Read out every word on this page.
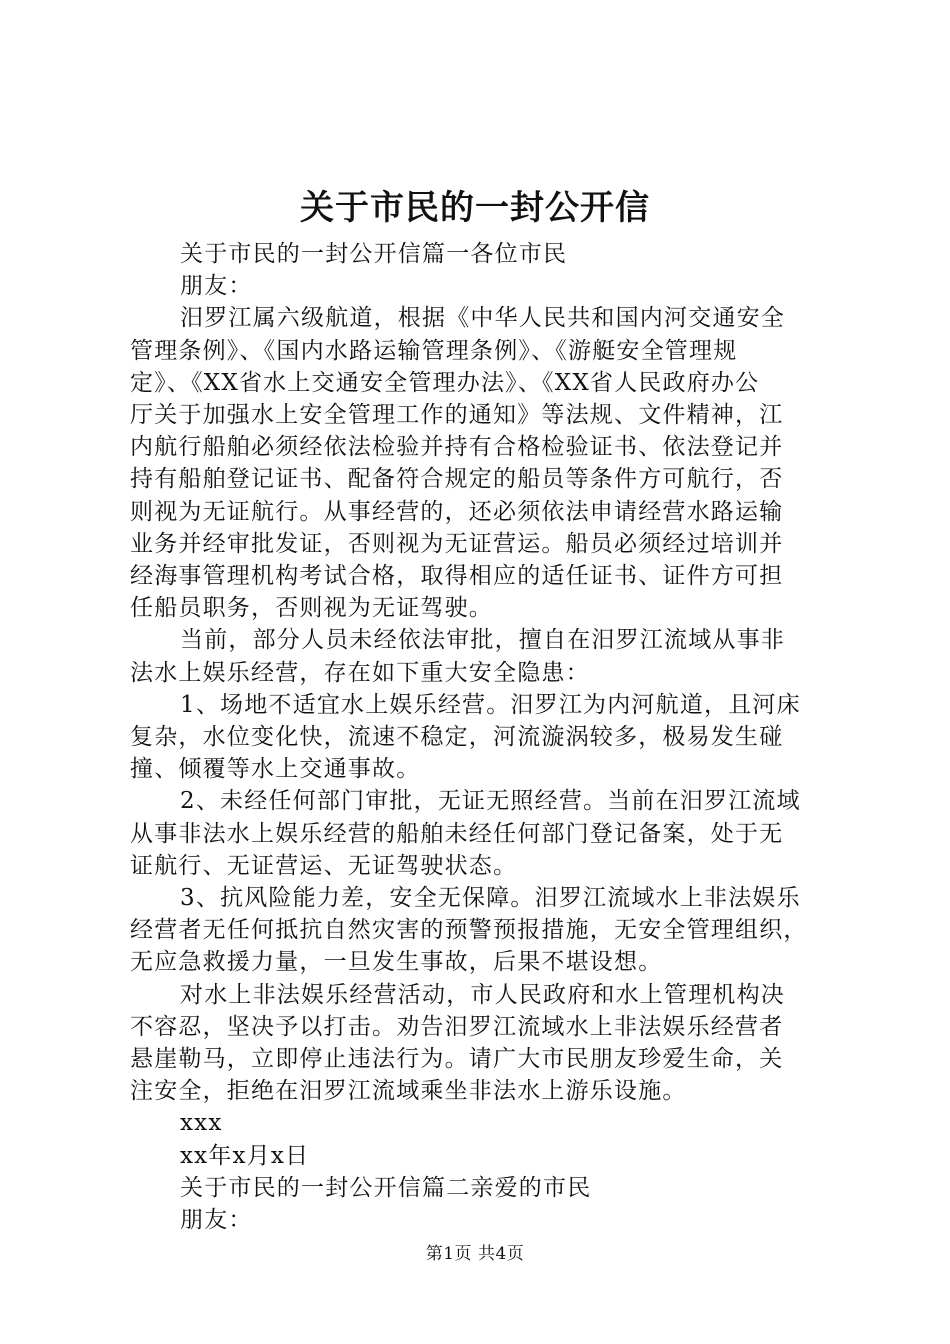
关于市民的一封公开信
关于市民的一封公开信篇一各位市民
朋友：
汨罗江属六级航道，根据《中华人民共和国内河交通安全
管理条例》、《国内水路运输管理条例》、《游艇安全管理规
定》、《XX省水上交通安全管理办法》、《XX省人民政府办公
厅关于加强水上安全管理工作的通知》等法规、文件精神，江
内航行船舶必须经依法检验并持有合格检验证书、依法登记并
持有船舶登记证书、配备符合规定的船员等条件方可航行，否
则视为无证航行。从事经营的，还必须依法申请经营水路运输
业务并经审批发证，否则视为无证营运。船员必须经过培训并
经海事管理机构考试合格，取得相应的适任证书、证件方可担
任船员职务，否则视为无证驾驶。
当前，部分人员未经依法审批，擅自在汨罗江流域从事非
法水上娱乐经营，存在如下重大安全隐患：
1、场地不适宜水上娱乐经营。汨罗江为内河航道，且河床
复杂，水位变化快，流速不稳定，河流漩涡较多，极易发生碰
撞、倾覆等水上交通事故。
2、未经任何部门审批，无证无照经营。当前在汨罗江流域
从事非法水上娱乐经营的船舶未经任何部门登记备案，处于无
证航行、无证营运、无证驾驶状态。
3、抗风险能力差，安全无保障。汨罗江流域水上非法娱乐
经营者无任何抵抗自然灾害的预警预报措施，无安全管理组织，
无应急救援力量，一旦发生事故，后果不堪设想。
对水上非法娱乐经营活动，市人民政府和水上管理机构决
不容忍，坚决予以打击。劝告汨罗江流域水上非法娱乐经营者
悬崖勒马，立即停止违法行为。请广大市民朋友珍爱生命，关
注安全，拒绝在汨罗江流域乘坐非法水上游乐设施。
xxx
xx年x月x日
关于市民的一封公开信篇二亲爱的市民
朋友：
第1页 共4页
